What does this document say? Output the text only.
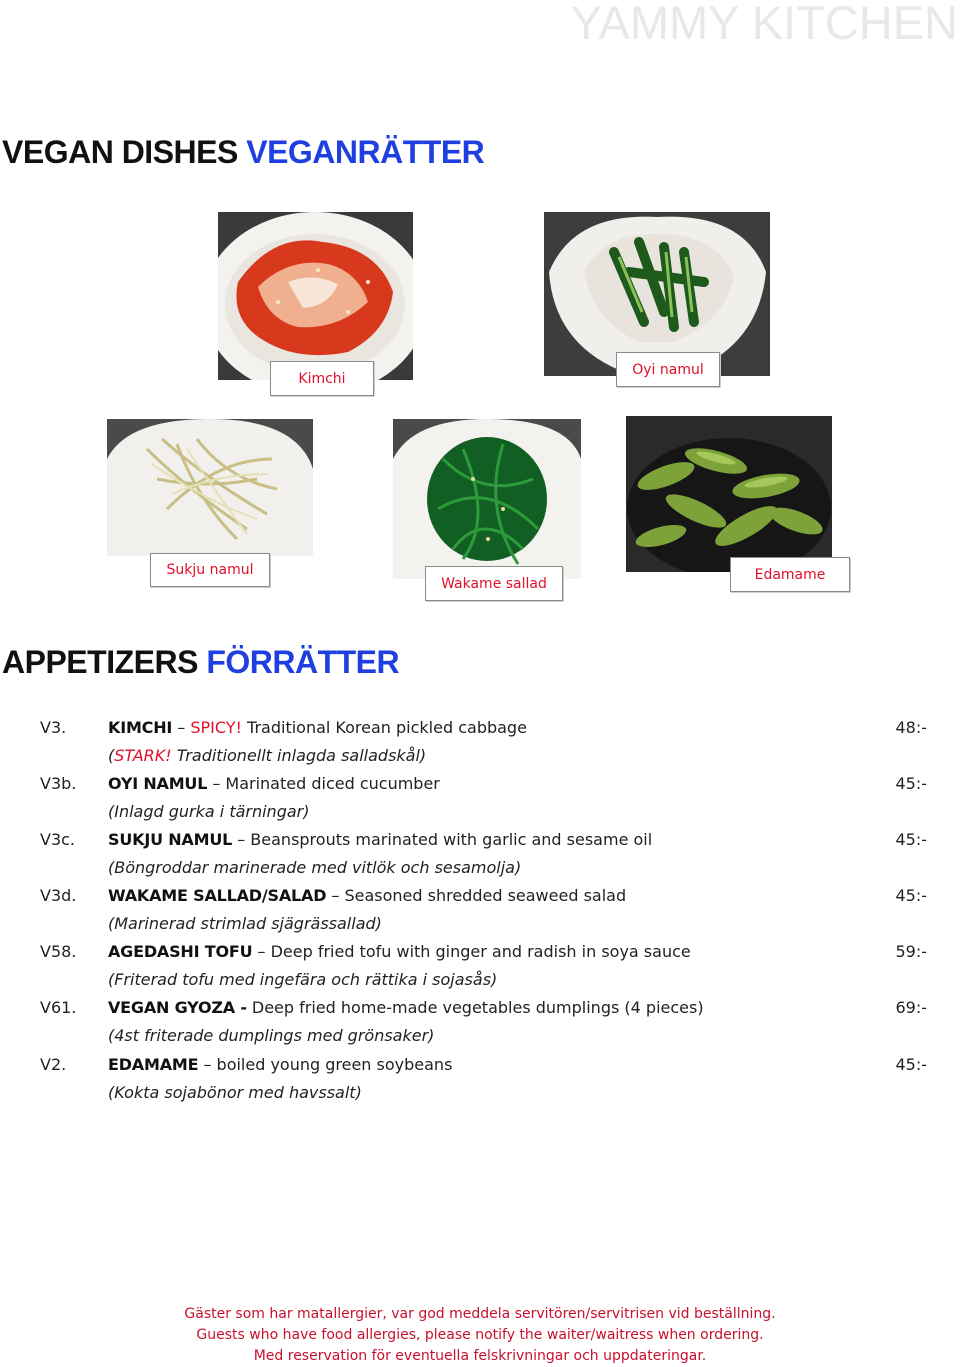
YAMMY KITCHEN
VEGAN DISHES VEGANRÄTTER
Kimchi
Oyi namul
Sukju namul
Wakame sallad
Edamame
APPETIZERS FÖRRÄTTER
V3.	KIMCHI – SPICY! Traditional Korean pickled cabbage	48:-
(STARK! Traditionellt inlagda salladskål)
V3b. OYI NAMUL – Marinated diced cucumber	45:-
(Inlagd gurka i tärningar)
V3c. SUKJU NAMUL – Beansprouts marinated with garlic and sesame oil	45:-
(Böngroddar marinerade med vitlök och sesamolja)
V3d. WAKAME SALLAD/SALAD – Seasoned shredded seaweed salad	45:-
(Marinerad strimlad sjägrässallad)
V58. AGEDASHI TOFU – Deep fried tofu with ginger and radish in soya sauce	59:-
(Friterad tofu med ingefära och rättika i sojasås)
V61. VEGAN GYOZA - Deep fried home-made vegetables dumplings (4 pieces)	69:-
(4st friterade dumplings med grönsaker)
V2.	EDAMAME – boiled young green soybeans	45:-
(Kokta sojabönor med havssalt)
Gäster som har matallergier, var god meddela servitören/servitrisen vid beställning.
Guests who have food allergies, please notify the waiter/waitress when ordering.
Med reservation för eventuella felskrivningar och uppdateringar.
